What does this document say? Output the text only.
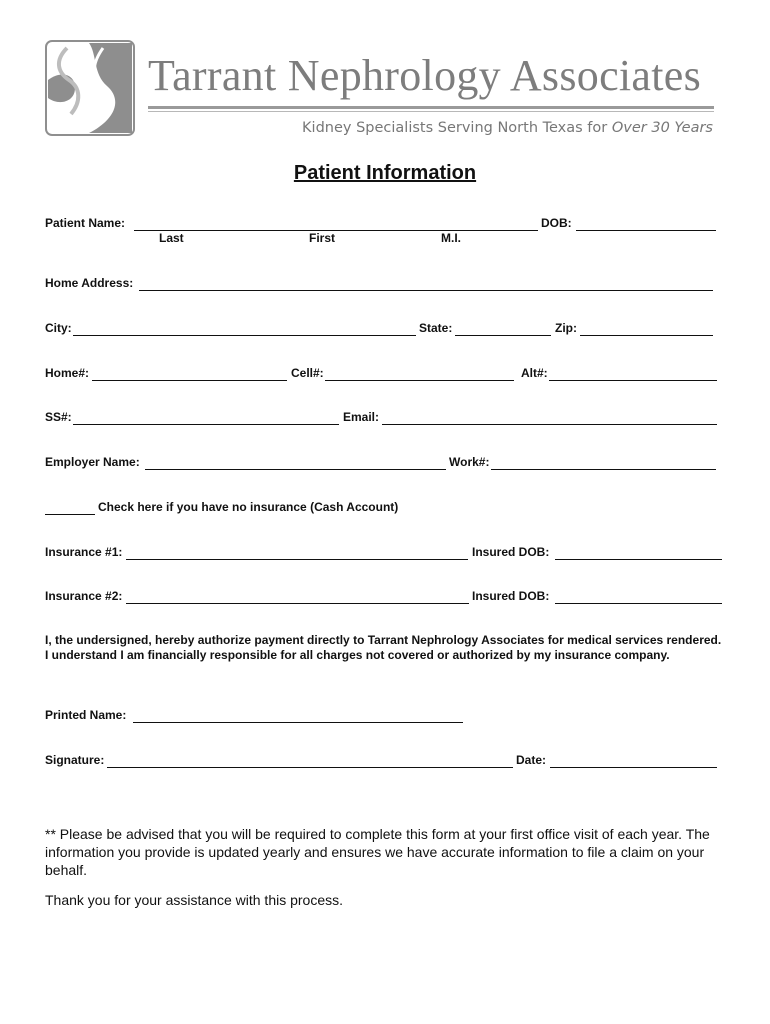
Tarrant Nephrology Associates
Kidney Specialists Serving North Texas for Over 30 Years
Patient Information
Patient Name:	DOB:
Last	First	M.I.
Home Address:
City:	State:	Zip:
Home#:	Cell#:	Alt#:
SS#:	Email:
Employer Name:	Work#:
Check here if you have no insurance (Cash Account)
Insurance #1:	Insured DOB:
Insurance #2:	Insured DOB:
I, the undersigned, hereby authorize payment directly to Tarrant Nephrology Associates for medical services rendered. I understand I am financially responsible for all charges not covered or authorized by my insurance company.
Printed Name:
Signature:	Date:
** Please be advised that you will be required to complete this form at your first office visit of each year. The information you provide is updated yearly and ensures we have accurate information to file a claim on your behalf.
Thank you for your assistance with this process.
